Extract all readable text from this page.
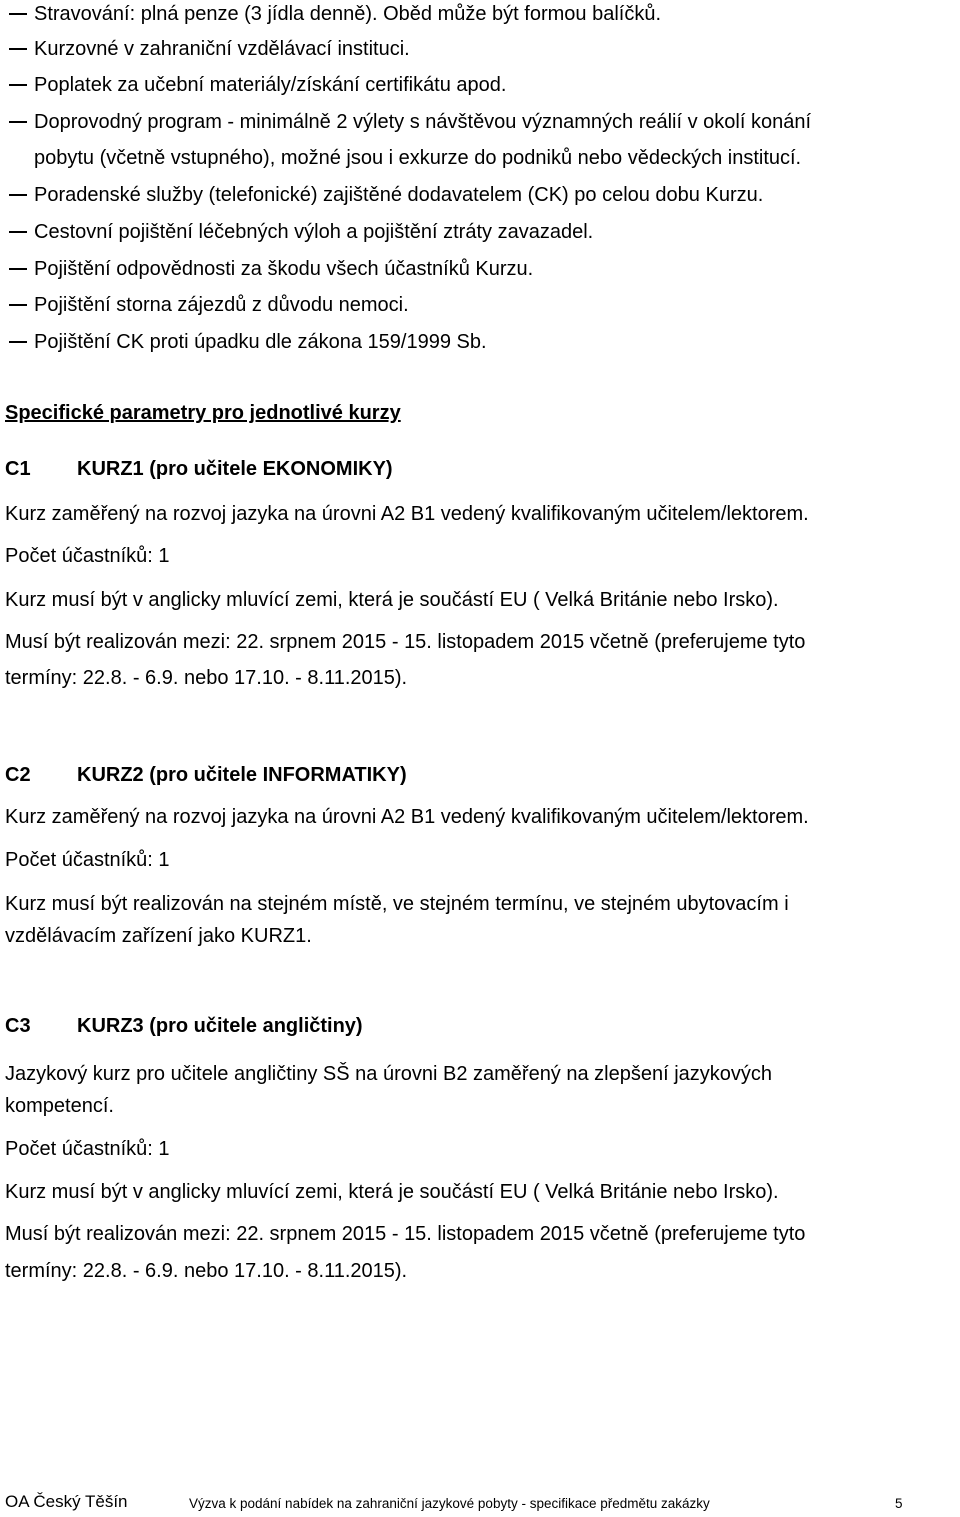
Stravování: plná penze (3 jídla denně). Oběd může být formou balíčků.
Kurzovné v zahraniční vzdělávací instituci.
Poplatek za učební materiály/získání certifikátu apod.
Doprovodný program - minimálně 2 výlety s návštěvou významných reálií v okolí konání
pobytu (včetně vstupného), možné jsou i exkurze do podniků nebo vědeckých institucí.
Poradenské služby (telefonické) zajištěné dodavatelem (CK) po celou dobu Kurzu.
Cestovní pojištění léčebných výloh a pojištění ztráty zavazadel.
Pojištění odpovědnosti za škodu všech účastníků Kurzu.
Pojištění storna zájezdů z důvodu nemoci.
Pojištění CK proti úpadku dle zákona 159/1999 Sb.
Specifické parametry pro jednotlivé kurzy
C1 KURZ1 (pro učitele EKONOMIKY)
Kurz zaměřený na rozvoj jazyka na úrovni A2 B1 vedený kvalifikovaným učitelem/lektorem.
Počet účastníků: 1
Kurz musí být v anglicky mluvící zemi, která je součástí EU ( Velká Británie nebo Irsko).
Musí být realizován mezi: 22. srpnem 2015 - 15. listopadem 2015 včetně (preferujeme tyto
termíny: 22.8. - 6.9. nebo 17.10. - 8.11.2015).
C2 KURZ2 (pro učitele INFORMATIKY)
Kurz zaměřený na rozvoj jazyka na úrovni A2 B1 vedený kvalifikovaným učitelem/lektorem.
Počet účastníků: 1
Kurz musí být realizován na stejném místě, ve stejném termínu, ve stejném ubytovacím i
vzdělávacím zařízení jako KURZ1.
C3 KURZ3 (pro učitele angličtiny)
Jazykový kurz pro učitele angličtiny SŠ na úrovni B2 zaměřený na zlepšení jazykových
kompetencí.
Počet účastníků: 1
Kurz musí být v anglicky mluvící zemi, která je součástí EU ( Velká Británie nebo Irsko).
Musí být realizován mezi: 22. srpnem 2015 - 15. listopadem 2015 včetně (preferujeme tyto
termíny: 22.8. - 6.9. nebo 17.10. - 8.11.2015).
OA Český Těšín	Výzva k podání nabídek na zahraniční jazykové pobyty - specifikace předmětu zakázky	5
